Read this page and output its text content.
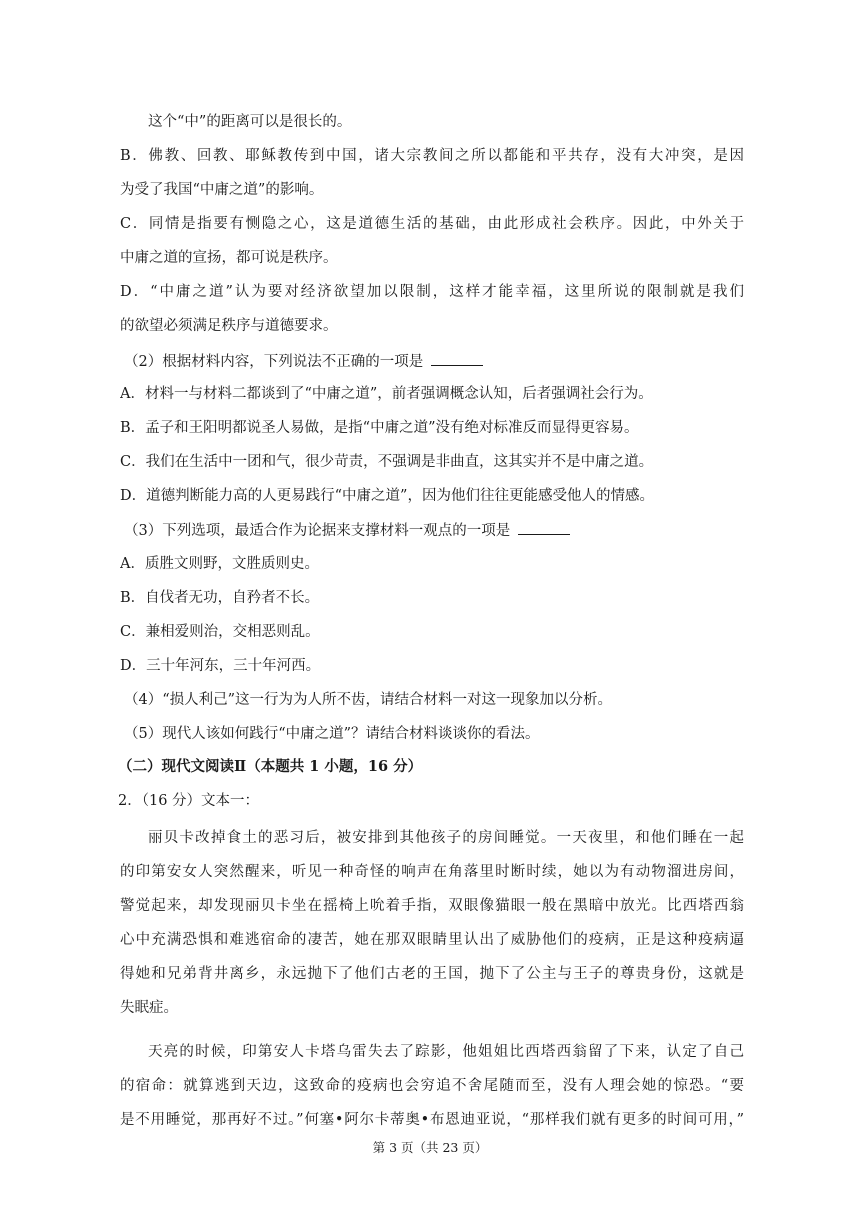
这个“中”的距离可以是很长的。
B．佛教、回教、耶稣教传到中国，诸大宗教间之所以都能和平共存，没有大冲突，是因
为受了我国“中庸之道”的影响。
C．同情是指要有恻隐之心，这是道德生活的基础，由此形成社会秩序。因此，中外关于
中庸之道的宣扬，都可说是秩序。
D．“中庸之道”认为要对经济欲望加以限制，这样才能幸福，这里所说的限制就是我们
的欲望必须满足秩序与道德要求。
（2）根据材料内容，下列说法不正确的一项是
A．材料一与材料二都谈到了“中庸之道”，前者强调概念认知，后者强调社会行为。
B．孟子和王阳明都说圣人易做，是指“中庸之道”没有绝对标准反而显得更容易。
C．我们在生活中一团和气，很少苛责，不强调是非曲直，这其实并不是中庸之道。
D．道德判断能力高的人更易践行“中庸之道”，因为他们往往更能感受他人的情感。
（3）下列选项，最适合作为论据来支撑材料一观点的一项是
A．质胜文则野，文胜质则史。
B．自伐者无功，自矜者不长。
C．兼相爱则治，交相恶则乱。
D．三十年河东，三十年河西。
（4）“损人利己”这一行为为人所不齿，请结合材料一对这一现象加以分析。
（5）现代人该如何践行“中庸之道”？请结合材料谈谈你的看法。
（二）现代文阅读Ⅱ（本题共 1 小题，16 分）
2．（16 分）文本一：
丽贝卡改掉食土的恶习后，被安排到其他孩子的房间睡觉。一天夜里，和他们睡在一起
的印第安女人突然醒来，听见一种奇怪的响声在角落里时断时续，她以为有动物溜进房间，
警觉起来，却发现丽贝卡坐在摇椅上吮着手指，双眼像猫眼一般在黑暗中放光。比西塔西翁
心中充满恐惧和难逃宿命的凄苦，她在那双眼睛里认出了威胁他们的疫病，正是这种疫病逼
得她和兄弟背井离乡，永远抛下了他们古老的王国，抛下了公主与王子的尊贵身份，这就是
失眠症。
天亮的时候，印第安人卡塔乌雷失去了踪影，他姐姐比西塔西翁留了下来，认定了自己
的宿命：就算逃到天边，这致命的疫病也会穷追不舍尾随而至，没有人理会她的惊恐。“要
是不用睡觉，那再好不过。”何塞•阿尔卡蒂奥•布恩迪亚说，“那样我们就有更多的时间可用，”
第 3 页（共 23 页）
